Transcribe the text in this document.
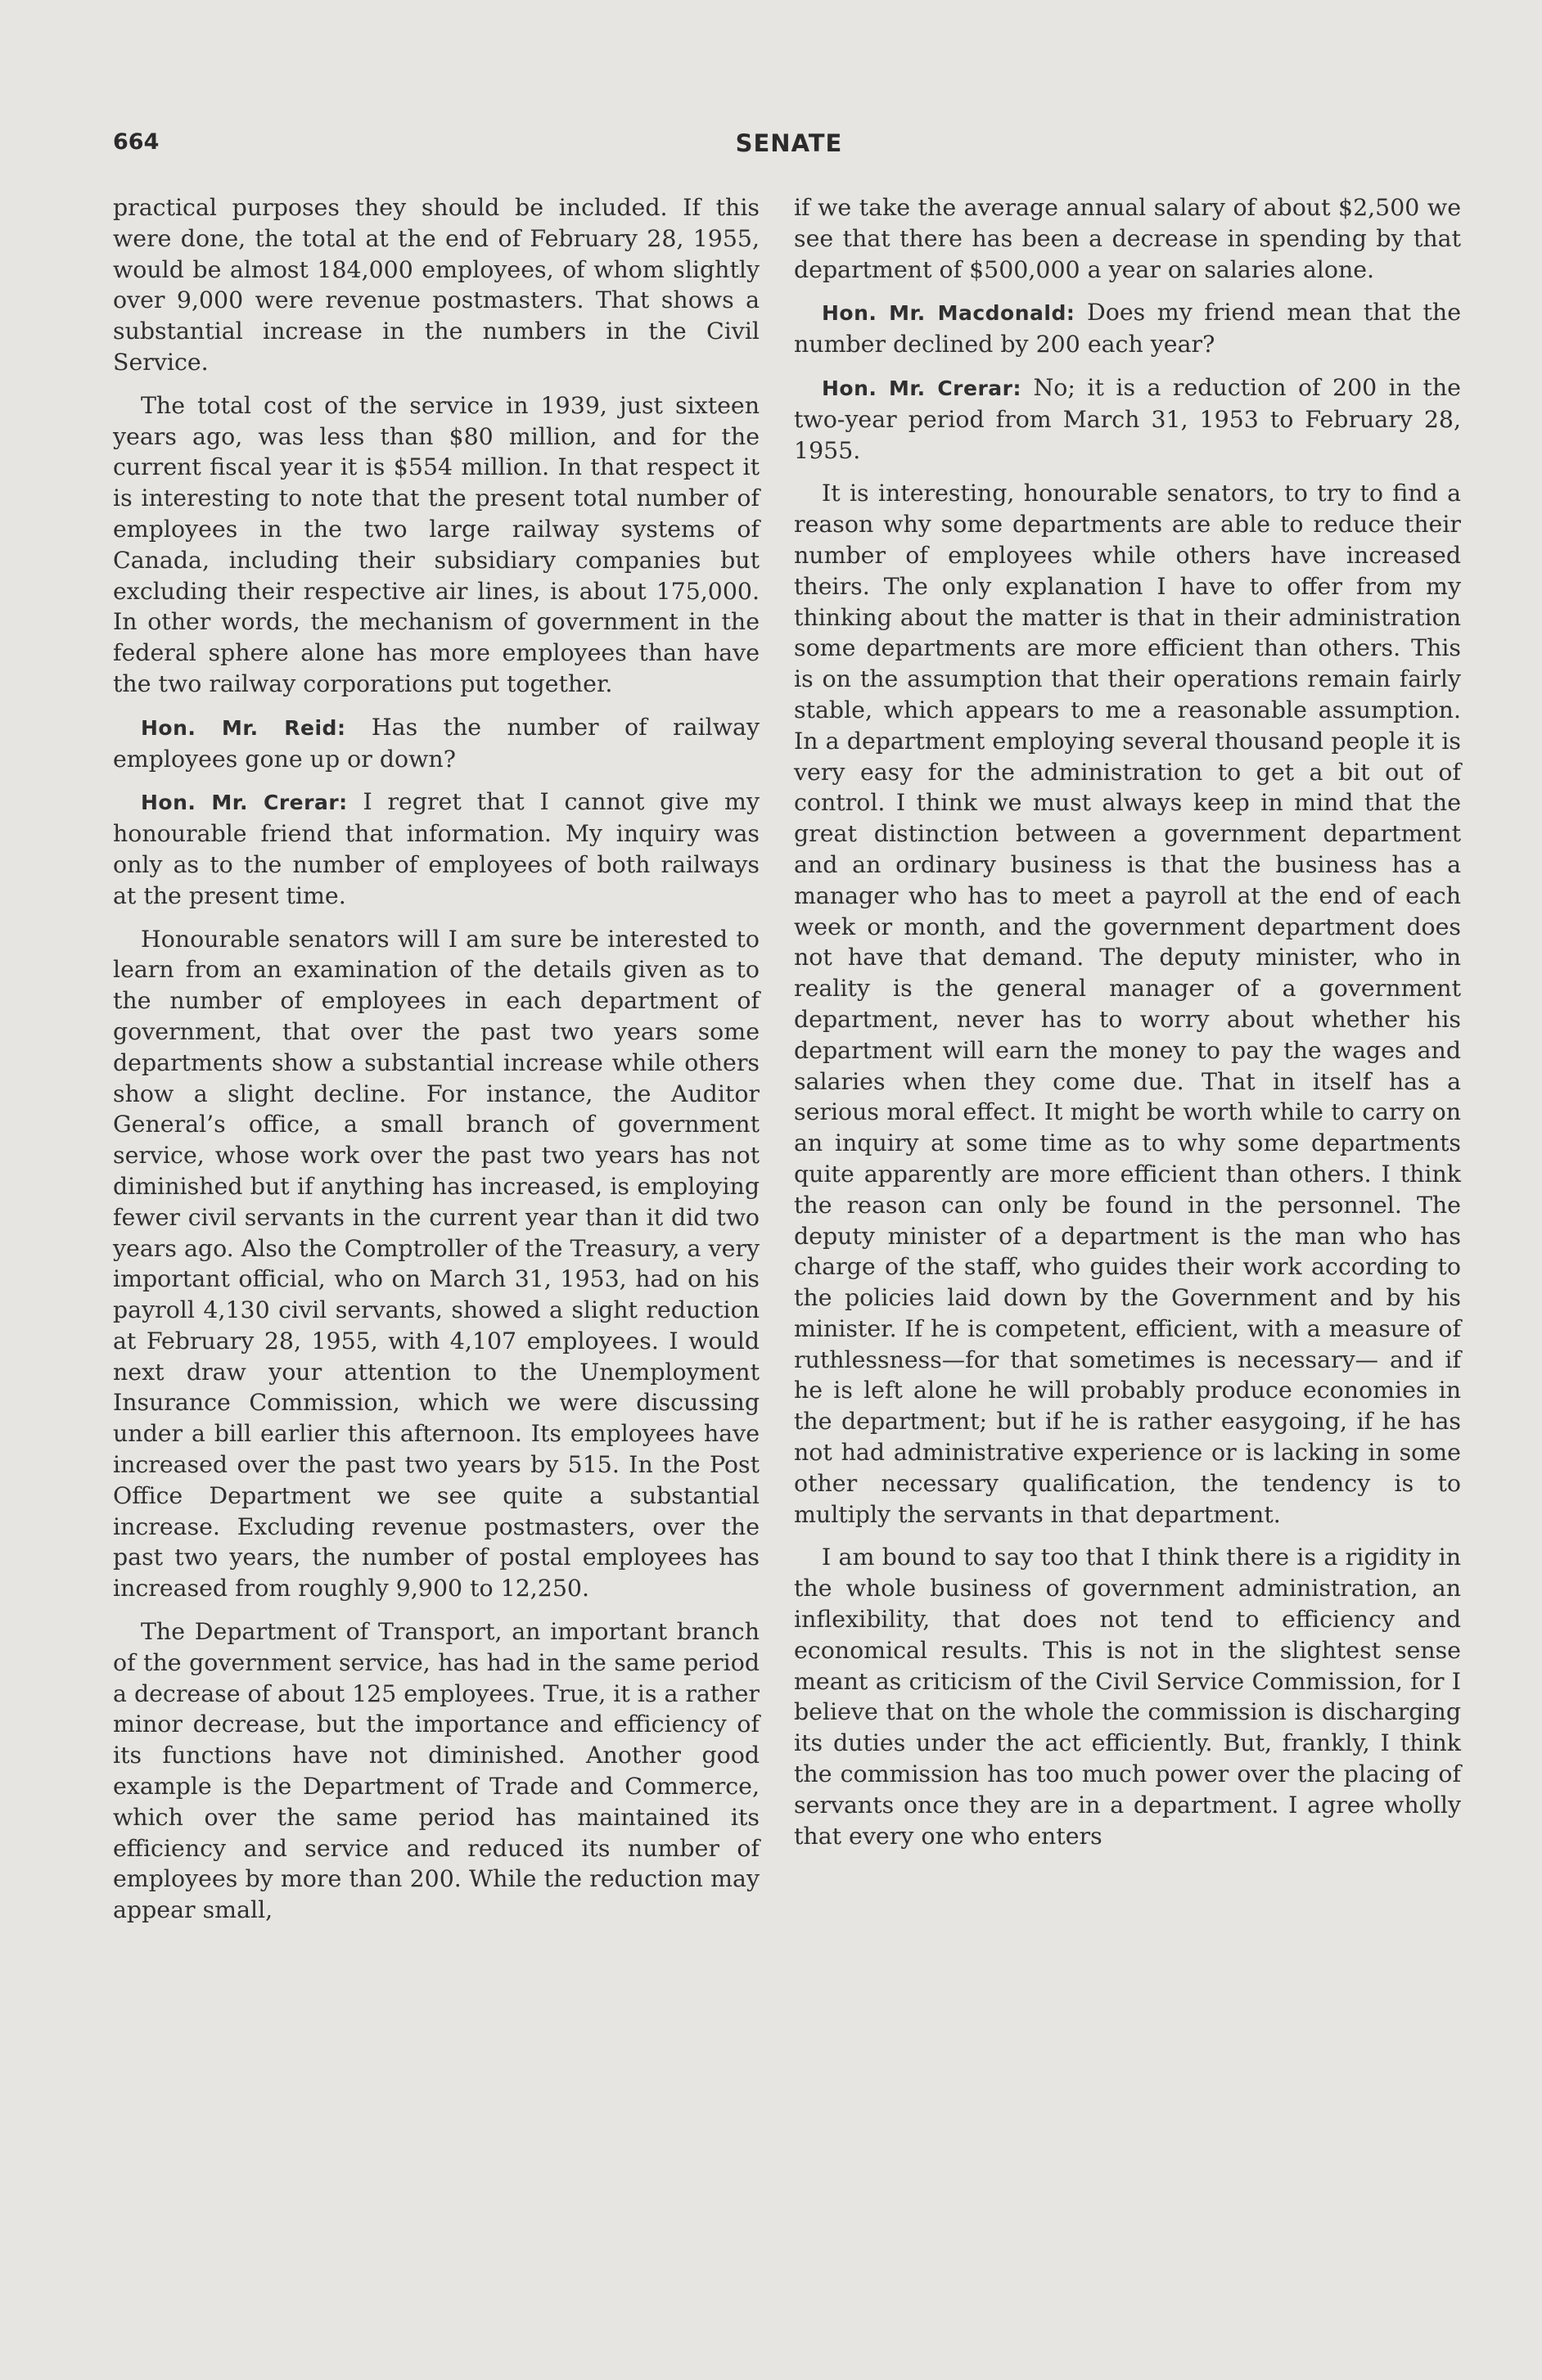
664	SENATE

practical purposes they should be included. If this were done, the total at the end of February 28, 1955, would be almost 184,000 employees, of whom slightly over 9,000 were revenue postmasters. That shows a substantial increase in the numbers in the Civil Service.

The total cost of the service in 1939, just sixteen years ago, was less than $80 million, and for the current fiscal year it is $554 million. In that respect it is interesting to note that the present total number of employees in the two large railway systems of Canada, including their subsidiary companies but excluding their respective air lines, is about 175,000. In other words, the mechanism of government in the federal sphere alone has more employees than have the two railway corporations put together.

Hon. Mr. Reid: Has the number of railway employees gone up or down?

Hon. Mr. Crerar: I regret that I cannot give my honourable friend that information. My inquiry was only as to the number of employees of both railways at the present time.

Honourable senators will I am sure be interested to learn from an examination of the details given as to the number of employees in each department of government, that over the past two years some departments show a substantial increase while others show a slight decline. For instance, the Auditor General’s office, a small branch of government service, whose work over the past two years has not diminished but if anything has increased, is employing fewer civil servants in the current year than it did two years ago. Also the Comptroller of the Treasury, a very important official, who on March 31, 1953, had on his payroll 4,130 civil servants, showed a slight reduction at February 28, 1955, with 4,107 employees. I would next draw your attention to the Unemployment Insurance Commission, which we were discussing under a bill earlier this afternoon. Its employees have increased over the past two years by 515. In the Post Office Department we see quite a substantial increase. Excluding revenue postmasters, over the past two years, the number of postal employees has increased from roughly 9,900 to 12,250.

The Department of Transport, an important branch of the government service, has had in the same period a decrease of about 125 employees. True, it is a rather minor decrease, but the importance and efficiency of its functions have not diminished. Another good example is the Department of Trade and Commerce, which over the same period has maintained its efficiency and service and reduced its number of employees by more than 200. While the reduction may appear small,

if we take the average annual salary of about $2,500 we see that there has been a decrease in spending by that department of $500,000 a year on salaries alone.

Hon. Mr. Macdonald: Does my friend mean that the number declined by 200 each year?

Hon. Mr. Crerar: No; it is a reduction of 200 in the two-year period from March 31, 1953 to February 28, 1955.

It is interesting, honourable senators, to try to find a reason why some departments are able to reduce their number of employees while others have increased theirs. The only explanation I have to offer from my thinking about the matter is that in their administration some departments are more efficient than others. This is on the assumption that their operations remain fairly stable, which appears to me a reasonable assumption. In a department employing several thousand people it is very easy for the administration to get a bit out of control. I think we must always keep in mind that the great distinction between a government department and an ordinary business is that the business has a manager who has to meet a payroll at the end of each week or month, and the government department does not have that demand. The deputy minister, who in reality is the general manager of a government department, never has to worry about whether his department will earn the money to pay the wages and salaries when they come due. That in itself has a serious moral effect. It might be worth while to carry on an inquiry at some time as to why some departments quite apparently are more efficient than others. I think the reason can only be found in the personnel. The deputy minister of a department is the man who has charge of the staff, who guides their work according to the policies laid down by the Government and by his minister. If he is competent, efficient, with a measure of ruthlessness—for that sometimes is necessary— and if he is left alone he will probably produce economies in the department; but if he is rather easygoing, if he has not had administrative experience or is lacking in some other necessary qualification, the tendency is to multiply the servants in that department.

I am bound to say too that I think there is a rigidity in the whole business of government administration, an inflexibility, that does not tend to efficiency and economical results. This is not in the slightest sense meant as criticism of the Civil Service Commission, for I believe that on the whole the commission is discharging its duties under the act efficiently. But, frankly, I think the commission has too much power over the placing of servants once they are in a department. I agree wholly that every one who enters
